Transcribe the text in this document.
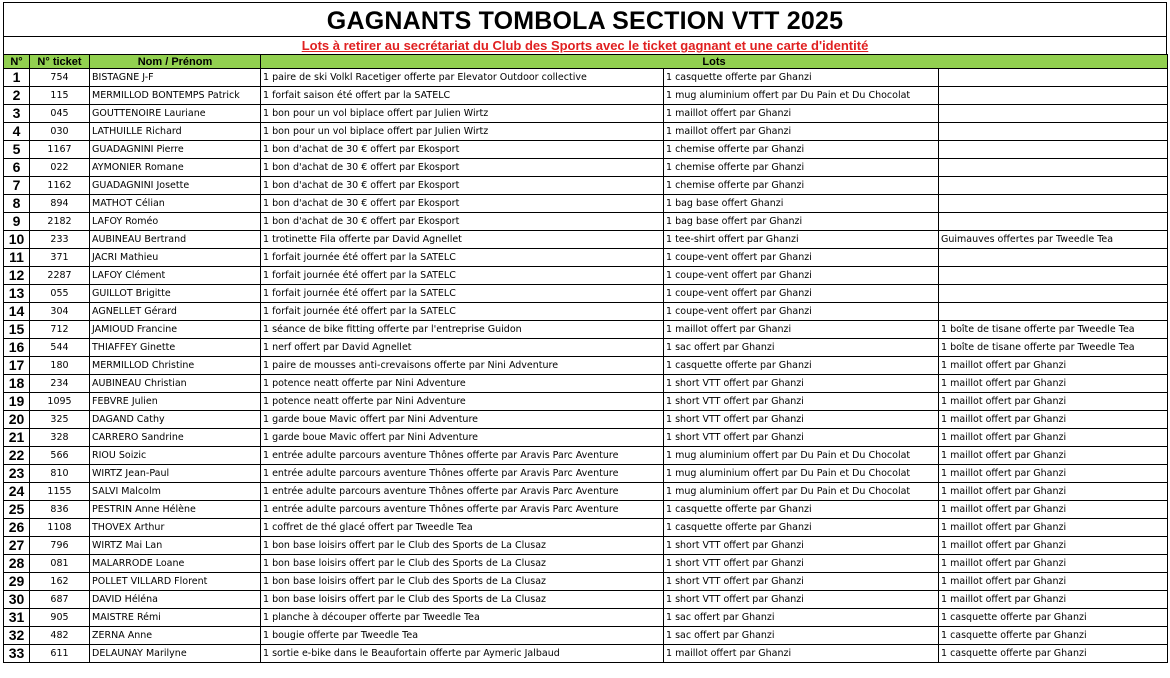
GAGNANTS TOMBOLA SECTION VTT 2025
Lots à retirer au secrétariat du Club des Sports avec le ticket gagnant et une carte d'identité
N°	N° ticket	Nom / Prénom	Lots		
1	754	BISTAGNE J-F	1 paire de ski Volkl Racetiger offerte par Elevator Outdoor collective	1 casquette offerte par Ghanzi	
2	115	MERMILLOD BONTEMPS Patrick	1 forfait saison été offert par la SATELC	1 mug aluminium offert par Du Pain et Du Chocolat	
3	045	GOUTTENOIRE Lauriane	1 bon pour un vol biplace offert par Julien Wirtz	1 maillot offert par Ghanzi	
4	030	LATHUILLE Richard	1 bon pour un vol biplace offert par Julien Wirtz	1 maillot offert par Ghanzi	
5	1167	GUADAGNINI Pierre	1 bon d'achat de 30 € offert par Ekosport	1 chemise offerte par Ghanzi	
6	022	AYMONIER Romane	1 bon d'achat de 30 € offert par Ekosport	1 chemise offerte par Ghanzi	
7	1162	GUADAGNINI Josette	1 bon d'achat de 30 € offert par Ekosport	1 chemise offerte par Ghanzi	
8	894	MATHOT Célian	1 bon d'achat de 30 € offert par Ekosport	1 bag base offert Ghanzi	
9	2182	LAFOY Roméo	1 bon d'achat de 30 € offert par Ekosport	1 bag base offert par Ghanzi	
10	233	AUBINEAU Bertrand	1 trotinette Fila offerte par David Agnellet	1 tee-shirt offert par Ghanzi	Guimauves offertes par Tweedle Tea
11	371	JACRI Mathieu	1 forfait journée été offert par la SATELC	1 coupe-vent offert par Ghanzi	
12	2287	LAFOY Clément	1 forfait journée été offert par la SATELC	1 coupe-vent offert par Ghanzi	
13	055	GUILLOT Brigitte	1 forfait journée été offert par la SATELC	1 coupe-vent offert par Ghanzi	
14	304	AGNELLET Gérard	1 forfait journée été offert par la SATELC	1 coupe-vent offert par Ghanzi	
15	712	JAMIOUD Francine	1 séance de bike fitting offerte par l'entreprise Guidon	1 maillot offert par Ghanzi	1 boîte de tisane offerte par Tweedle Tea
16	544	THIAFFEY Ginette	1 nerf offert par David Agnellet	1 sac offert par Ghanzi	1 boîte de tisane offerte par Tweedle Tea
17	180	MERMILLOD Christine	1 paire de mousses anti-crevaisons offerte par Nini Adventure	1 casquette offerte par Ghanzi	1 maillot offert par Ghanzi
18	234	AUBINEAU Christian	1 potence neatt offerte par Nini Adventure	1 short VTT offert par Ghanzi	1 maillot offert par Ghanzi
19	1095	FEBVRE Julien	1 potence neatt offerte par Nini Adventure	1 short VTT offert par Ghanzi	1 maillot offert par Ghanzi
20	325	DAGAND Cathy	1 garde boue Mavic offert par Nini Adventure	1 short VTT offert par Ghanzi	1 maillot offert par Ghanzi
21	328	CARRERO Sandrine	1 garde boue Mavic offert par Nini Adventure	1 short VTT offert par Ghanzi	1 maillot offert par Ghanzi
22	566	RIOU Soizic	1 entrée adulte parcours aventure Thônes offerte par Aravis Parc Aventure	1 mug aluminium offert par Du Pain et Du Chocolat	1 maillot offert par Ghanzi
23	810	WIRTZ Jean-Paul	1 entrée adulte parcours aventure Thônes offerte par Aravis Parc Aventure	1 mug aluminium offert par Du Pain et Du Chocolat	1 maillot offert par Ghanzi
24	1155	SALVI Malcolm	1 entrée adulte parcours aventure Thônes offerte par Aravis Parc Aventure	1 mug aluminium offert par Du Pain et Du Chocolat	1 maillot offert par Ghanzi
25	836	PESTRIN Anne Hélène	1 entrée adulte parcours aventure Thônes offerte par Aravis Parc Aventure	1 casquette offerte par Ghanzi	1 maillot offert par Ghanzi
26	1108	THOVEX Arthur	1 coffret de thé glacé offert par Tweedle Tea	1 casquette offerte par Ghanzi	1 maillot offert par Ghanzi
27	796	WIRTZ Mai Lan	1 bon base loisirs offert par le Club des Sports de La Clusaz	1 short VTT offert par Ghanzi	1 maillot offert par Ghanzi
28	081	MALARRODE Loane	1 bon base loisirs offert par le Club des Sports de La Clusaz	1 short VTT offert par Ghanzi	1 maillot offert par Ghanzi
29	162	POLLET VILLARD Florent	1 bon base loisirs offert par le Club des Sports de La Clusaz	1 short VTT offert par Ghanzi	1 maillot offert par Ghanzi
30	687	DAVID Héléna	1 bon base loisirs offert par le Club des Sports de La Clusaz	1 short VTT offert par Ghanzi	1 maillot offert par Ghanzi
31	905	MAISTRE Rémi	1 planche à découper offerte par Tweedle Tea	1 sac offert par Ghanzi	1 casquette offerte par Ghanzi
32	482	ZERNA Anne	1 bougie offerte par Tweedle Tea	1 sac offert par Ghanzi	1 casquette offerte par Ghanzi
33	611	DELAUNAY Marilyne	1 sortie e-bike dans le Beaufortain offerte par Aymeric Jalbaud	1 maillot offert par Ghanzi	1 casquette offerte par Ghanzi
